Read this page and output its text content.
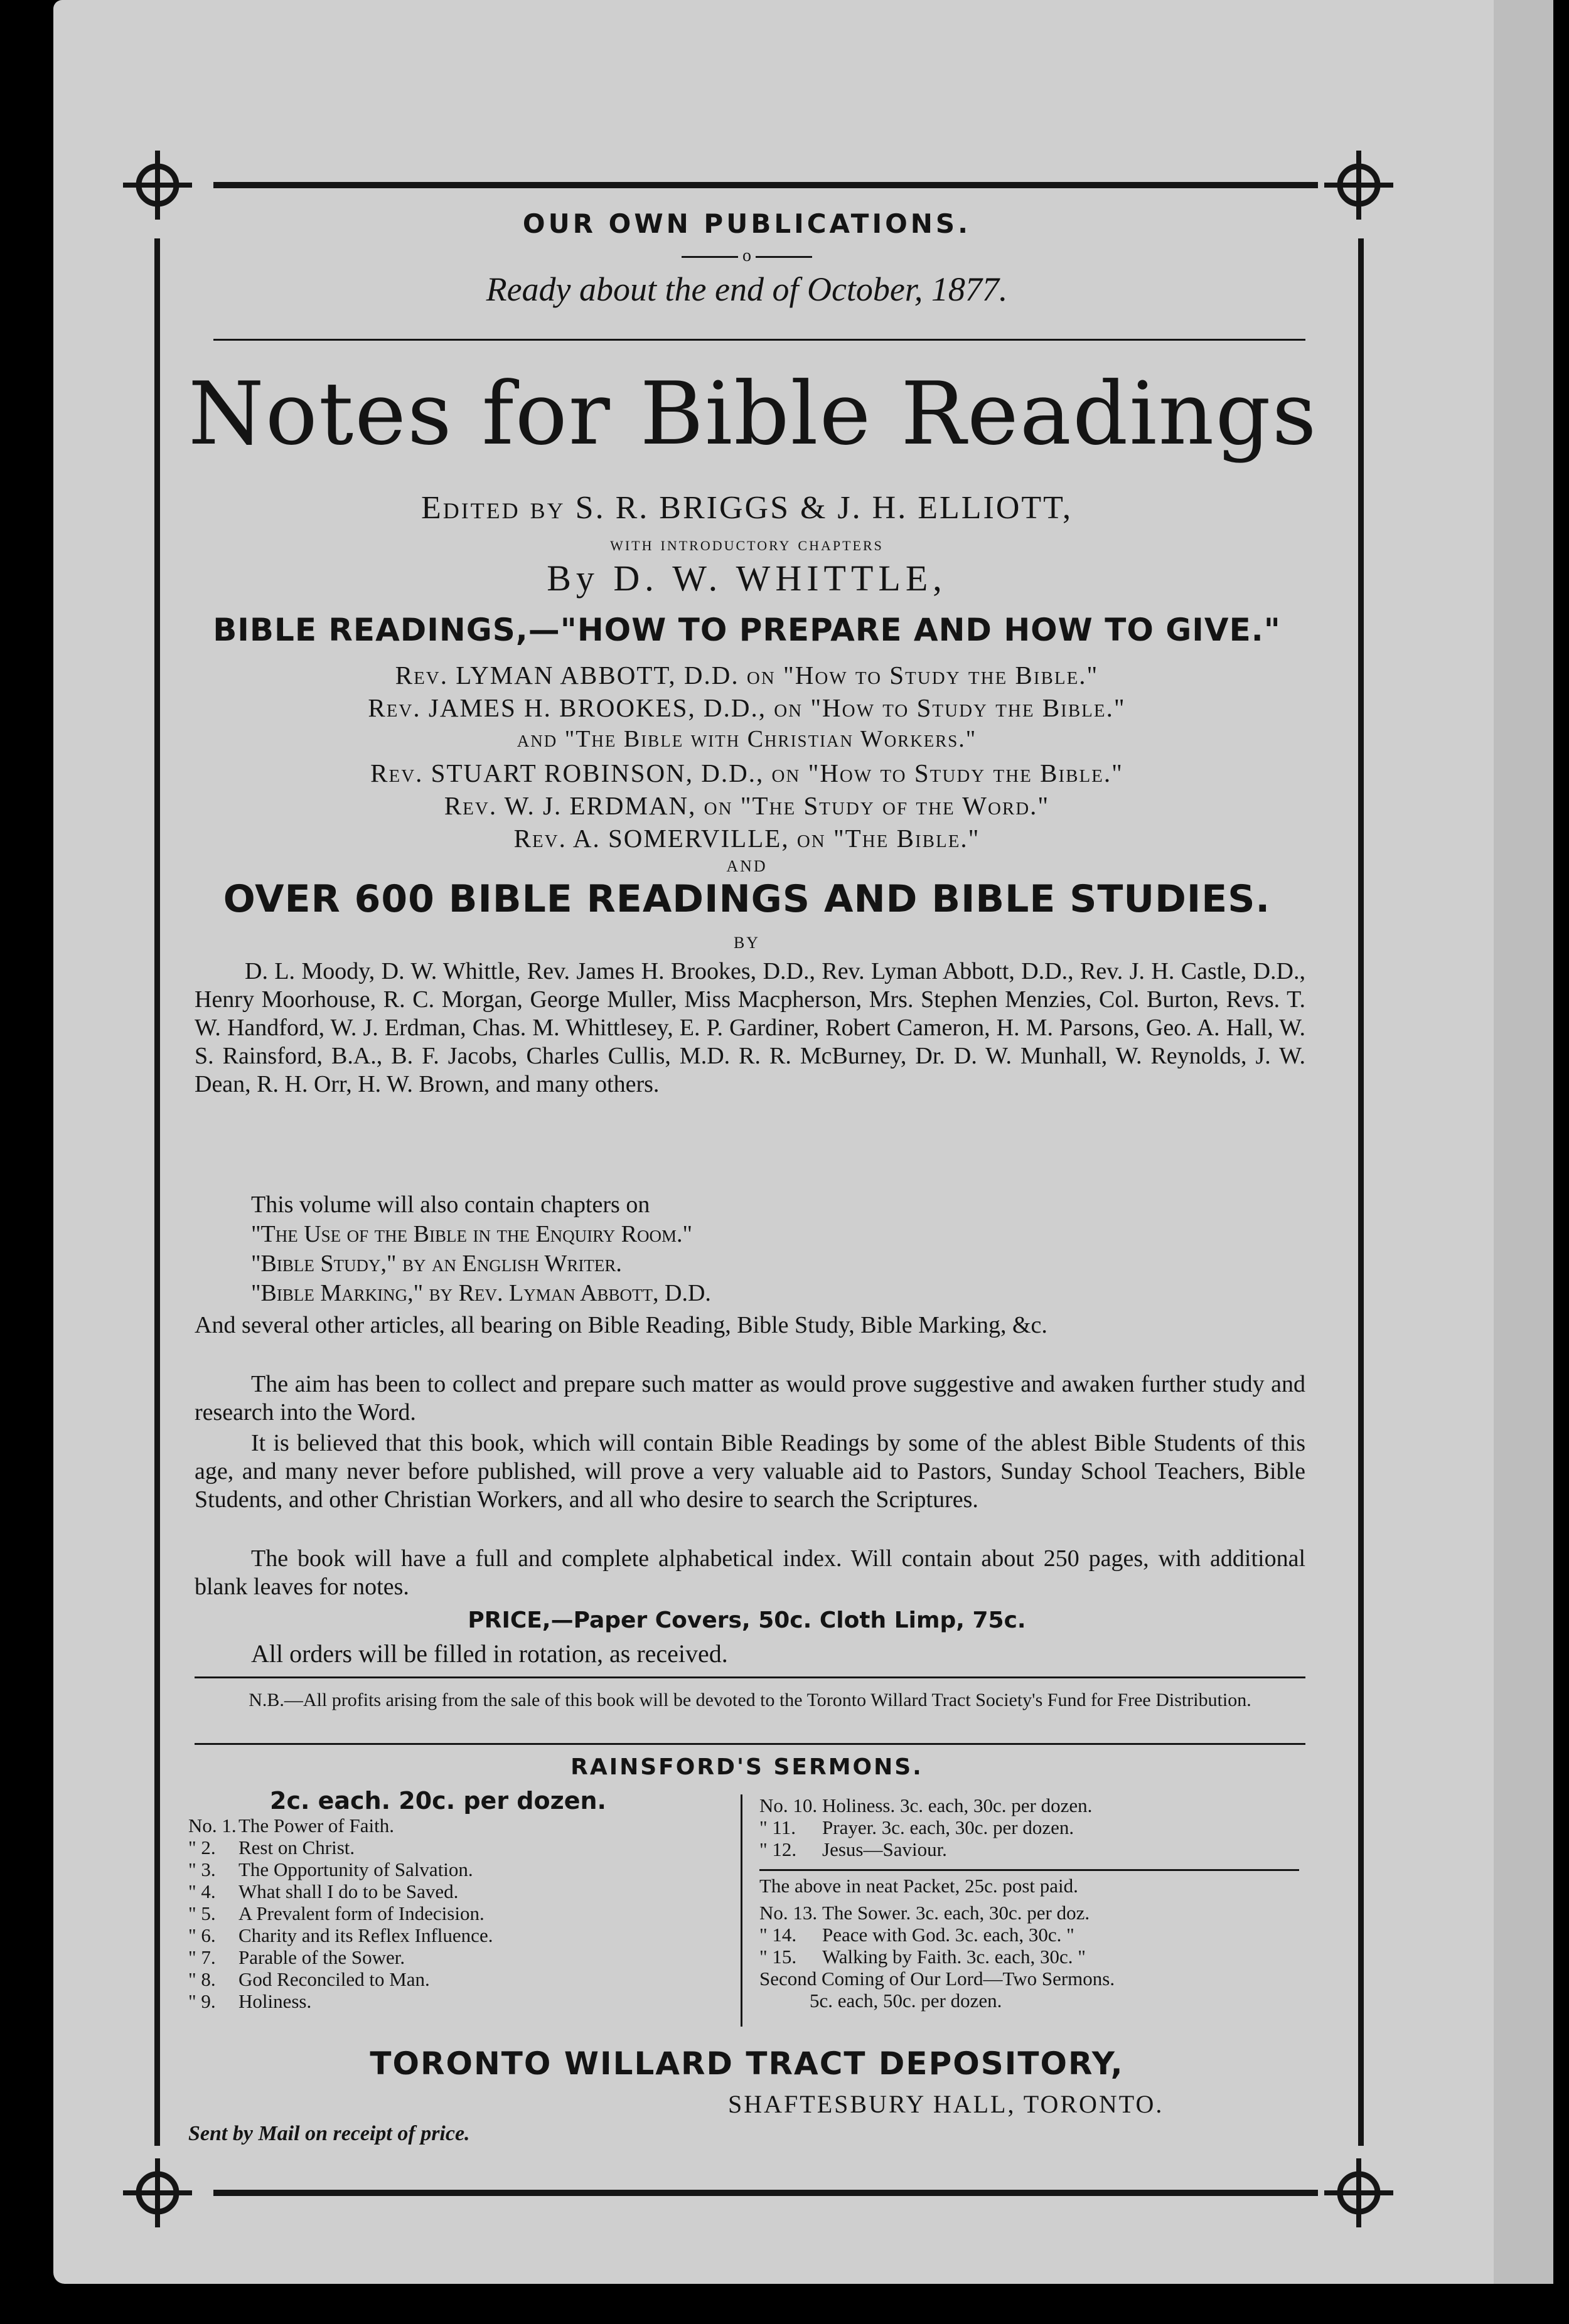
OUR OWN PUBLICATIONS.
o
Ready about the end of October, 1877.
Notes for Bible Readings
Edited by S. R. BRIGGS & J. H. ELLIOTT,
with introductory chapters
By D. W. WHITTLE,
BIBLE READINGS,—"HOW TO PREPARE AND HOW TO GIVE."
Rev. LYMAN ABBOTT, D.D. on "How to Study the Bible."
Rev. JAMES H. BROOKES, D.D., on "How to Study the Bible."
and "The Bible with Christian Workers."
Rev. STUART ROBINSON, D.D., on "How to Study the Bible."
Rev. W. J. ERDMAN, on "The Study of the Word."
Rev. A. SOMERVILLE, on "The Bible."
AND
OVER 600 BIBLE READINGS AND BIBLE STUDIES.
BY
D. L. Moody, D. W. Whittle, Rev. James H. Brookes, D.D., Rev. Lyman Abbott, D.D., Rev. J. H. Castle, D.D., Henry Moorhouse, R. C. Morgan, George Muller, Miss Macpherson, Mrs. Stephen Menzies, Col. Burton, Revs. T. W. Handford, W. J. Erdman, Chas. M. Whittlesey, E. P. Gardiner, Robert Cameron, H. M. Parsons, Geo. A. Hall, W. S. Rainsford, B.A., B. F. Jacobs, Charles Cullis, M.D. R. R. McBurney, Dr. D. W. Munhall, W. Reynolds, J. W. Dean, R. H. Orr, H. W. Brown, and many others.
This volume will also contain chapters on
"The Use of the Bible in the Enquiry Room."
"Bible Study," by an English Writer.
"Bible Marking," by Rev. Lyman Abbott, D.D.
And several other articles, all bearing on Bible Reading, Bible Study, Bible Marking, &c.
The aim has been to collect and prepare such matter as would prove suggestive and awaken further study and research into the Word.
It is believed that this book, which will contain Bible Readings by some of the ablest Bible Students of this age, and many never before published, will prove a very valuable aid to Pastors, Sunday School Teachers, Bible Students, and other Christian Workers, and all who desire to search the Scriptures.
The book will have a full and complete alphabetical index. Will contain about 250 pages, with additional blank leaves for notes.
PRICE,—Paper Covers, 50c. Cloth Limp, 75c.
All orders will be filled in rotation, as received.
N.B.—All profits arising from the sale of this book will be devoted to the Toronto Willard Tract Society's Fund for Free Distribution.
RAINSFORD'S SERMONS.
2c. each. 20c. per dozen.
No. 1. The Power of Faith.
" 2. Rest on Christ.
" 3. The Opportunity of Salvation.
" 4. What shall I do to be Saved.
" 5. A Prevalent form of Indecision.
" 6. Charity and its Reflex Influence.
" 7. Parable of the Sower.
" 8. God Reconciled to Man.
" 9. Holiness.
No. 10. Holiness. 3c. each, 30c. per dozen.
" 11. Prayer. 3c. each, 30c. per dozen.
" 12. Jesus—Saviour.
The above in neat Packet, 25c. post paid.
No. 13. The Sower. 3c. each, 30c. per doz.
" 14. Peace with God. 3c. each, 30c. "
" 15. Walking by Faith. 3c. each, 30c. "
Second Coming of Our Lord—Two Sermons.
5c. each, 50c. per dozen.
TORONTO WILLARD TRACT DEPOSITORY,
SHAFTESBURY HALL, TORONTO.
Sent by Mail on receipt of price.
